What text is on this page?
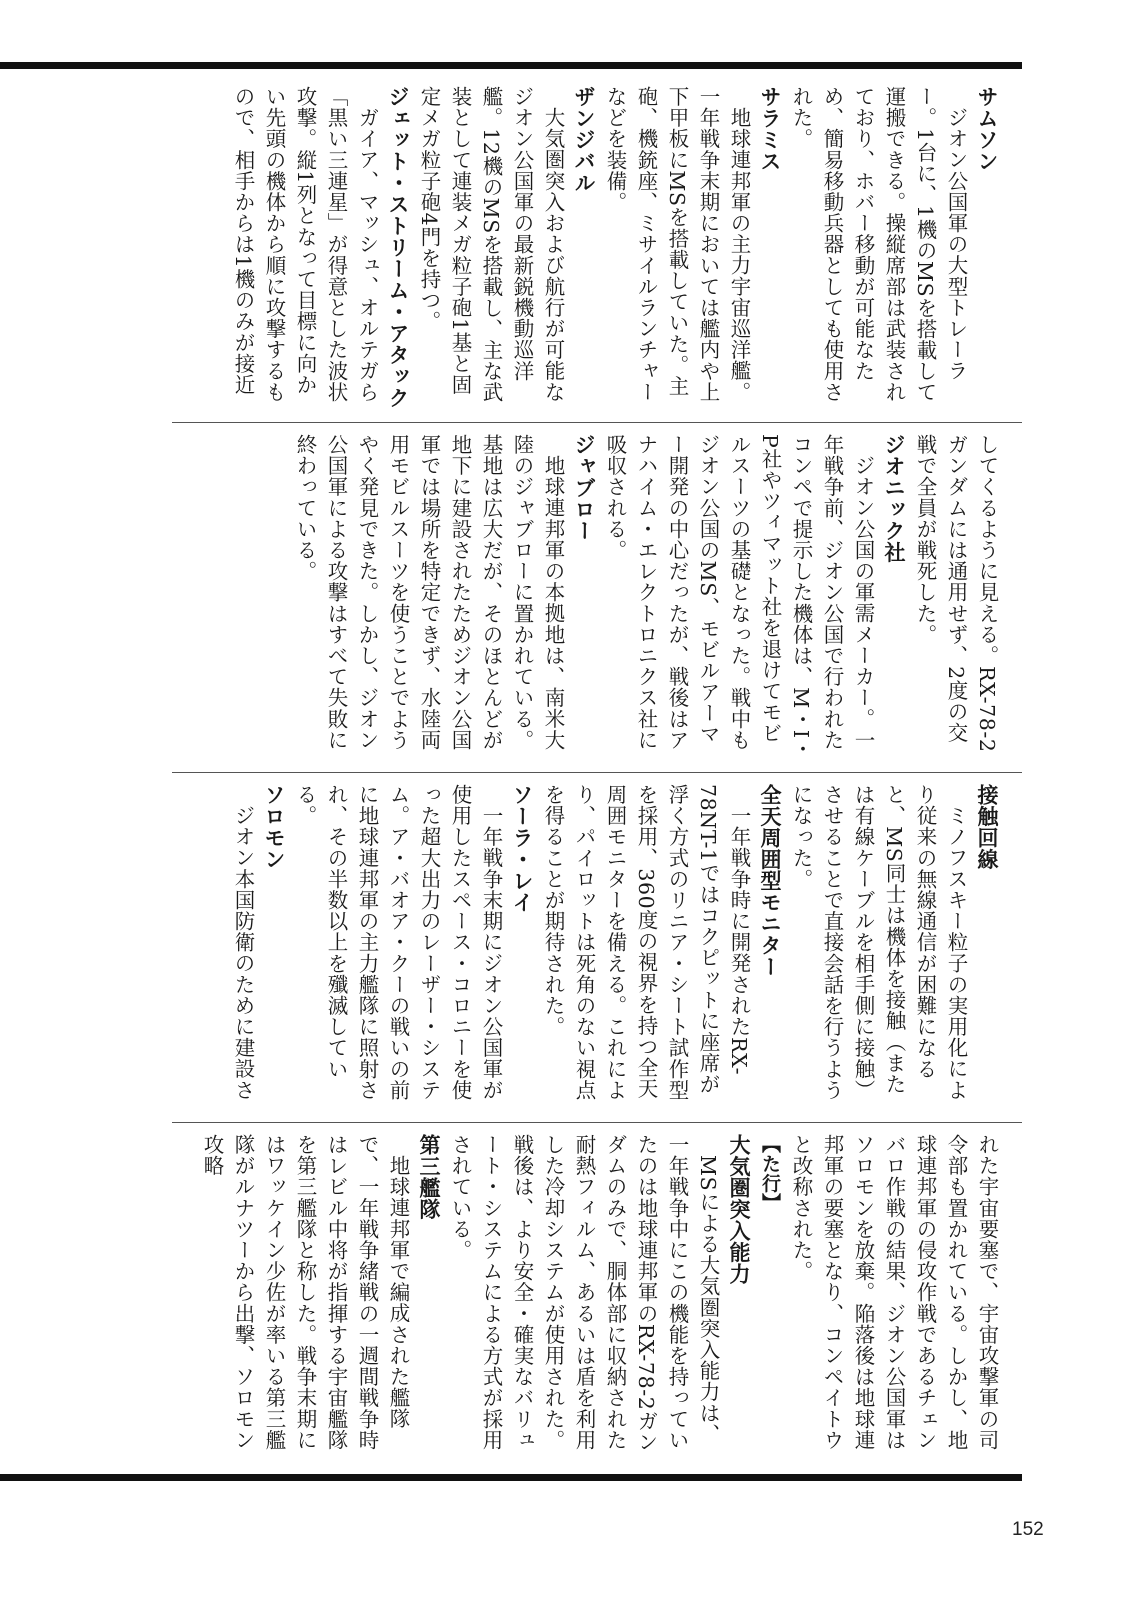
サムソン
ジオン公国軍の大型トレーラー。1台に、1機のMSを搭載して運搬できる。操縦席部は武装されており、ホバー移動が可能なため、簡易移動兵器としても使用された。
サラミス
地球連邦軍の主力宇宙巡洋艦。一年戦争末期においては艦内や上下甲板にMSを搭載していた。主砲、機銃座、ミサイルランチャーなどを装備。
ザンジバル
大気圏突入および航行が可能なジオン公国軍の最新鋭機動巡洋艦。12機のMSを搭載し、主な武装として連装メガ粒子砲1基と固定メガ粒子砲4門を持つ。
ジェット・ストリーム・アタック
ガイア、マッシュ、オルテガら「黒い三連星」が得意とした波状攻撃。縦1列となって目標に向かい先頭の機体から順に攻撃するもので、相手からは1機のみが接近
してくるように見える。RX-78-2ガンダムには通用せず、2度の交戦で全員が戦死した。
ジオニック社
ジオン公国の軍需メーカー。一年戦争前、ジオン公国で行われたコンペで提示した機体は、M・I・P社やツィマット社を退けてモビルスーツの基礎となった。戦中もジオン公国のMS、モビルアーマー開発の中心だったが、戦後はアナハイム・エレクトロニクス社に吸収される。
ジャブロー
地球連邦軍の本拠地は、南米大陸のジャブローに置かれている。基地は広大だが、そのほとんどが地下に建設されたためジオン公国軍では場所を特定できず、水陸両用モビルスーツを使うことでようやく発見できた。しかし、ジオン公国軍による攻撃はすべて失敗に終わっている。
接触回線
ミノフスキー粒子の実用化により従来の無線通信が困難になると、MS同士は機体を接触（または有線ケーブルを相手側に接触）させることで直接会話を行うようになった。
全天周囲型モニター
一年戦争時に開発されたRX-78NT-1ではコクピットに座席が浮く方式のリニア・シート試作型を採用、360度の視界を持つ全天周囲モニターを備える。これにより、パイロットは死角のない視点を得ることが期待された。
ソーラ・レイ
一年戦争末期にジオン公国軍が使用したスペース・コロニーを使った超大出力のレーザー・システム。ア・バオア・クーの戦いの前に地球連邦軍の主力艦隊に照射され、その半数以上を殲滅している。
ソロモン
ジオン本国防衛のために建設さ
れた宇宙要塞で、宇宙攻撃軍の司令部も置かれている。しかし、地球連邦軍の侵攻作戦であるチェンバロ作戦の結果、ジオン公国軍はソロモンを放棄。陥落後は地球連邦軍の要塞となり、コンペイトウと改称された。
【た行】
大気圏突入能力
MSによる大気圏突入能力は、一年戦争中にこの機能を持っていたのは地球連邦軍のRX-78-2ガンダムのみで、胴体部に収納された耐熱フィルム、あるいは盾を利用した冷却システムが使用された。戦後は、より安全・確実なバリュート・システムによる方式が採用されている。
第三艦隊
地球連邦軍で編成された艦隊で、一年戦争緒戦の一週間戦争時はレビル中将が指揮する宇宙艦隊を第三艦隊と称した。戦争末期にはワッケイン少佐が率いる第三艦隊がルナツーから出撃、ソロモン攻略
152
